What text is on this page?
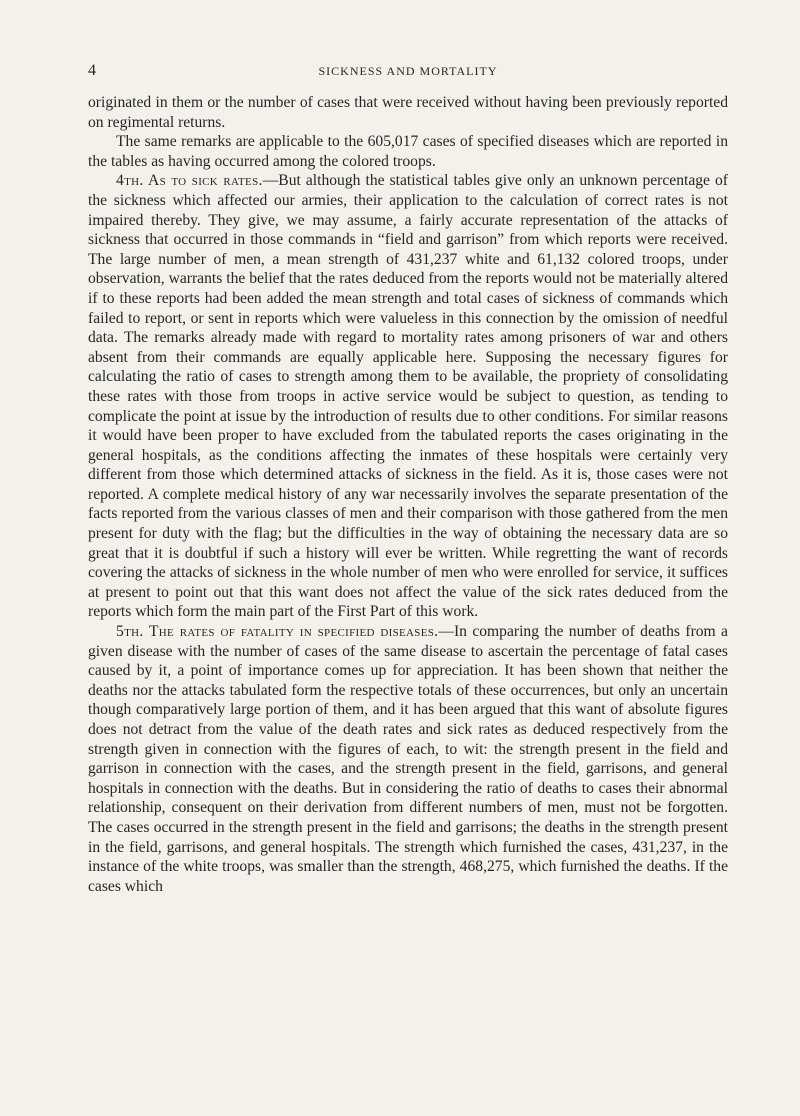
4	SICKNESS AND MORTALITY

originated in them or the number of cases that were received without having been previously reported on regimental returns.

The same remarks are applicable to the 605,017 cases of specified diseases which are reported in the tables as having occurred among the colored troops.

4th. As to sick rates.—But although the statistical tables give only an unknown percentage of the sickness which affected our armies, their application to the calculation of correct rates is not impaired thereby. They give, we may assume, a fairly accurate representation of the attacks of sickness that occurred in those commands in “field and garrison” from which reports were received. The large number of men, a mean strength of 431,237 white and 61,132 colored troops, under observation, warrants the belief that the rates deduced from the reports would not be materially altered if to these reports had been added the mean strength and total cases of sickness of commands which failed to report, or sent in reports which were valueless in this connection by the omission of needful data. The remarks already made with regard to mortality rates among prisoners of war and others absent from their commands are equally applicable here. Supposing the necessary figures for calculating the ratio of cases to strength among them to be available, the propriety of consolidating these rates with those from troops in active service would be subject to question, as tending to complicate the point at issue by the introduction of results due to other conditions. For similar reasons it would have been proper to have excluded from the tabulated reports the cases originating in the general hospitals, as the conditions affecting the inmates of these hospitals were certainly very different from those which determined attacks of sickness in the field. As it is, those cases were not reported. A complete medical history of any war necessarily involves the separate presentation of the facts reported from the various classes of men and their comparison with those gathered from the men present for duty with the flag; but the difficulties in the way of obtaining the necessary data are so great that it is doubtful if such a history will ever be written. While regretting the want of records covering the attacks of sickness in the whole number of men who were enrolled for service, it suffices at present to point out that this want does not affect the value of the sick rates deduced from the reports which form the main part of the First Part of this work.

5th. The rates of fatality in specified diseases.—In comparing the number of deaths from a given disease with the number of cases of the same disease to ascertain the percentage of fatal cases caused by it, a point of importance comes up for appreciation. It has been shown that neither the deaths nor the attacks tabulated form the respective totals of these occurrences, but only an uncertain though comparatively large portion of them, and it has been argued that this want of absolute figures does not detract from the value of the death rates and sick rates as deduced respectively from the strength given in connection with the figures of each, to wit: the strength present in the field and garrison in connection with the cases, and the strength present in the field, garrisons, and general hospitals in connection with the deaths. But in considering the ratio of deaths to cases their abnormal relationship, consequent on their derivation from different numbers of men, must not be forgotten. The cases occurred in the strength present in the field and garrisons; the deaths in the strength present in the field, garrisons, and general hospitals. The strength which furnished the cases, 431,237, in the instance of the white troops, was smaller than the strength, 468,275, which furnished the deaths. If the cases which
